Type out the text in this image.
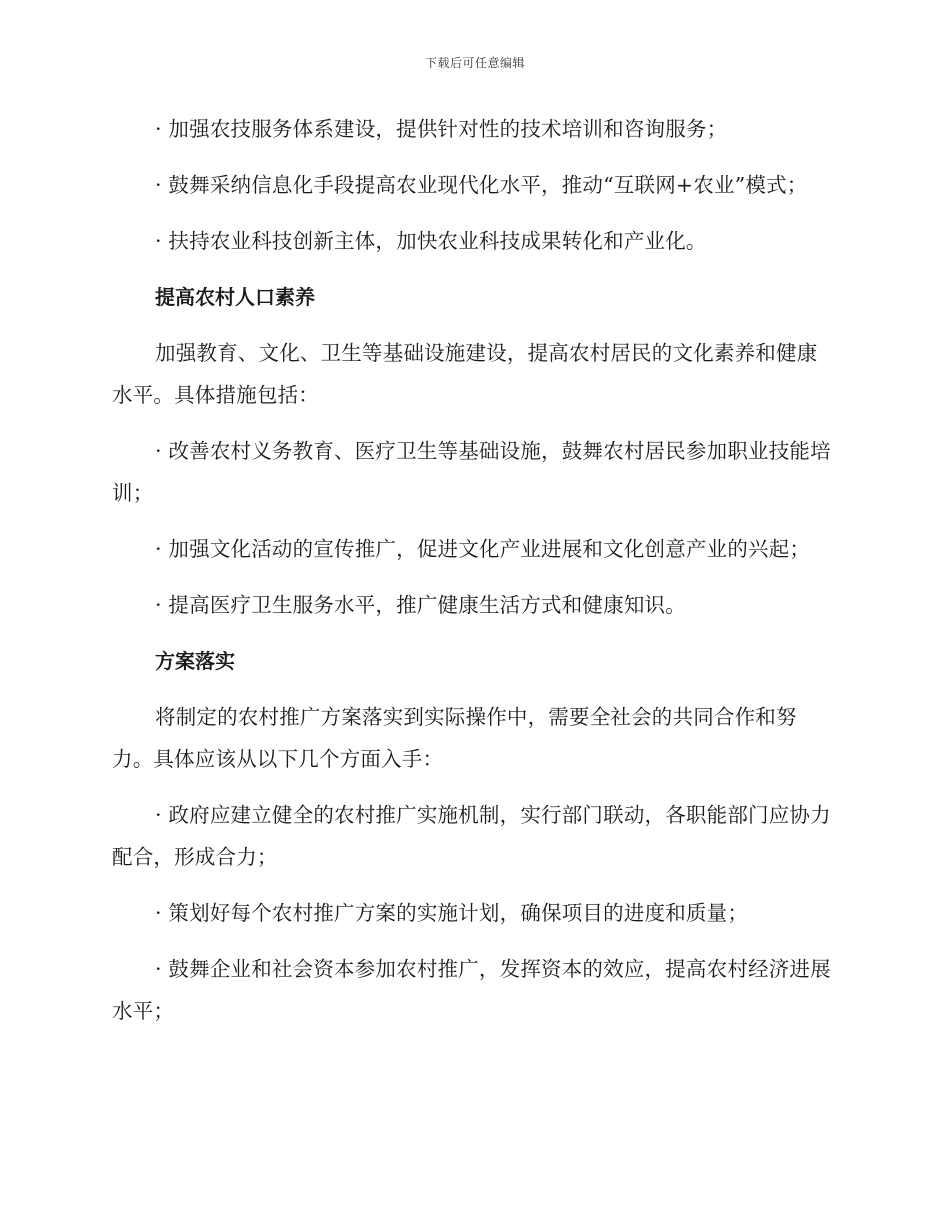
下载后可任意编辑

· 加强农技服务体系建设，提供针对性的技术培训和咨询服务；

· 鼓舞采纳信息化手段提高农业现代化水平，推动“互联网+农业”模式；

· 扶持农业科技创新主体，加快农业科技成果转化和产业化。

提高农村人口素养

加强教育、文化、卫生等基础设施建设，提高农村居民的文化素养和健康水平。具体措施包括：

· 改善农村义务教育、医疗卫生等基础设施，鼓舞农村居民参加职业技能培训；

· 加强文化活动的宣传推广，促进文化产业进展和文化创意产业的兴起；

· 提高医疗卫生服务水平，推广健康生活方式和健康知识。

方案落实

将制定的农村推广方案落实到实际操作中，需要全社会的共同合作和努力。具体应该从以下几个方面入手：

· 政府应建立健全的农村推广实施机制，实行部门联动，各职能部门应协力配合，形成合力；

· 策划好每个农村推广方案的实施计划，确保项目的进度和质量；

· 鼓舞企业和社会资本参加农村推广，发挥资本的效应，提高农村经济进展水平；
